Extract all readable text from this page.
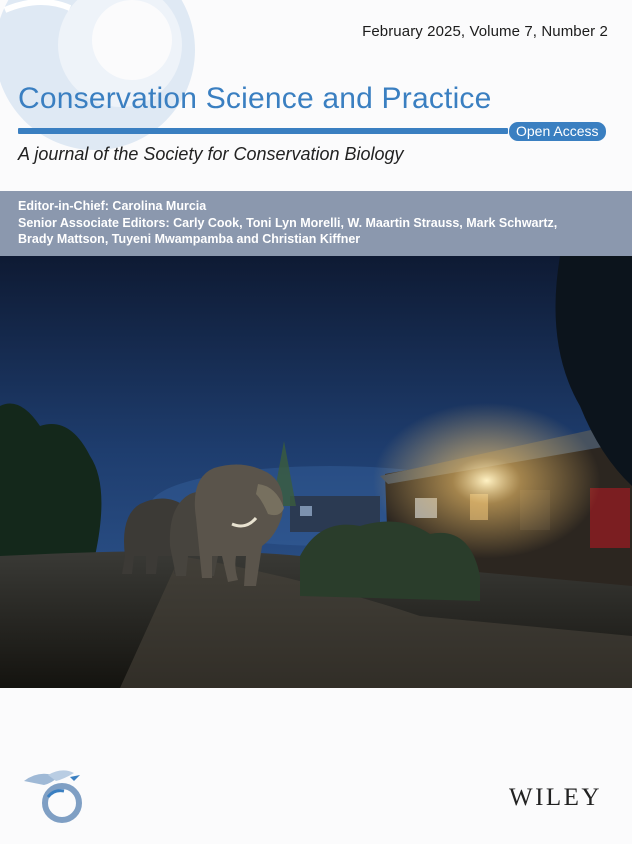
February 2025, Volume 7, Number 2
Conservation Science and Practice
Open Access
A journal of the Society for Conservation Biology
Editor-in-Chief: Carolina Murcia
Senior Associate Editors: Carly Cook, Toni Lyn Morelli, W. Maartin Strauss, Mark Schwartz,
Brady Mattson, Tuyeni Mwampamba and Christian Kiffner
WILEY
